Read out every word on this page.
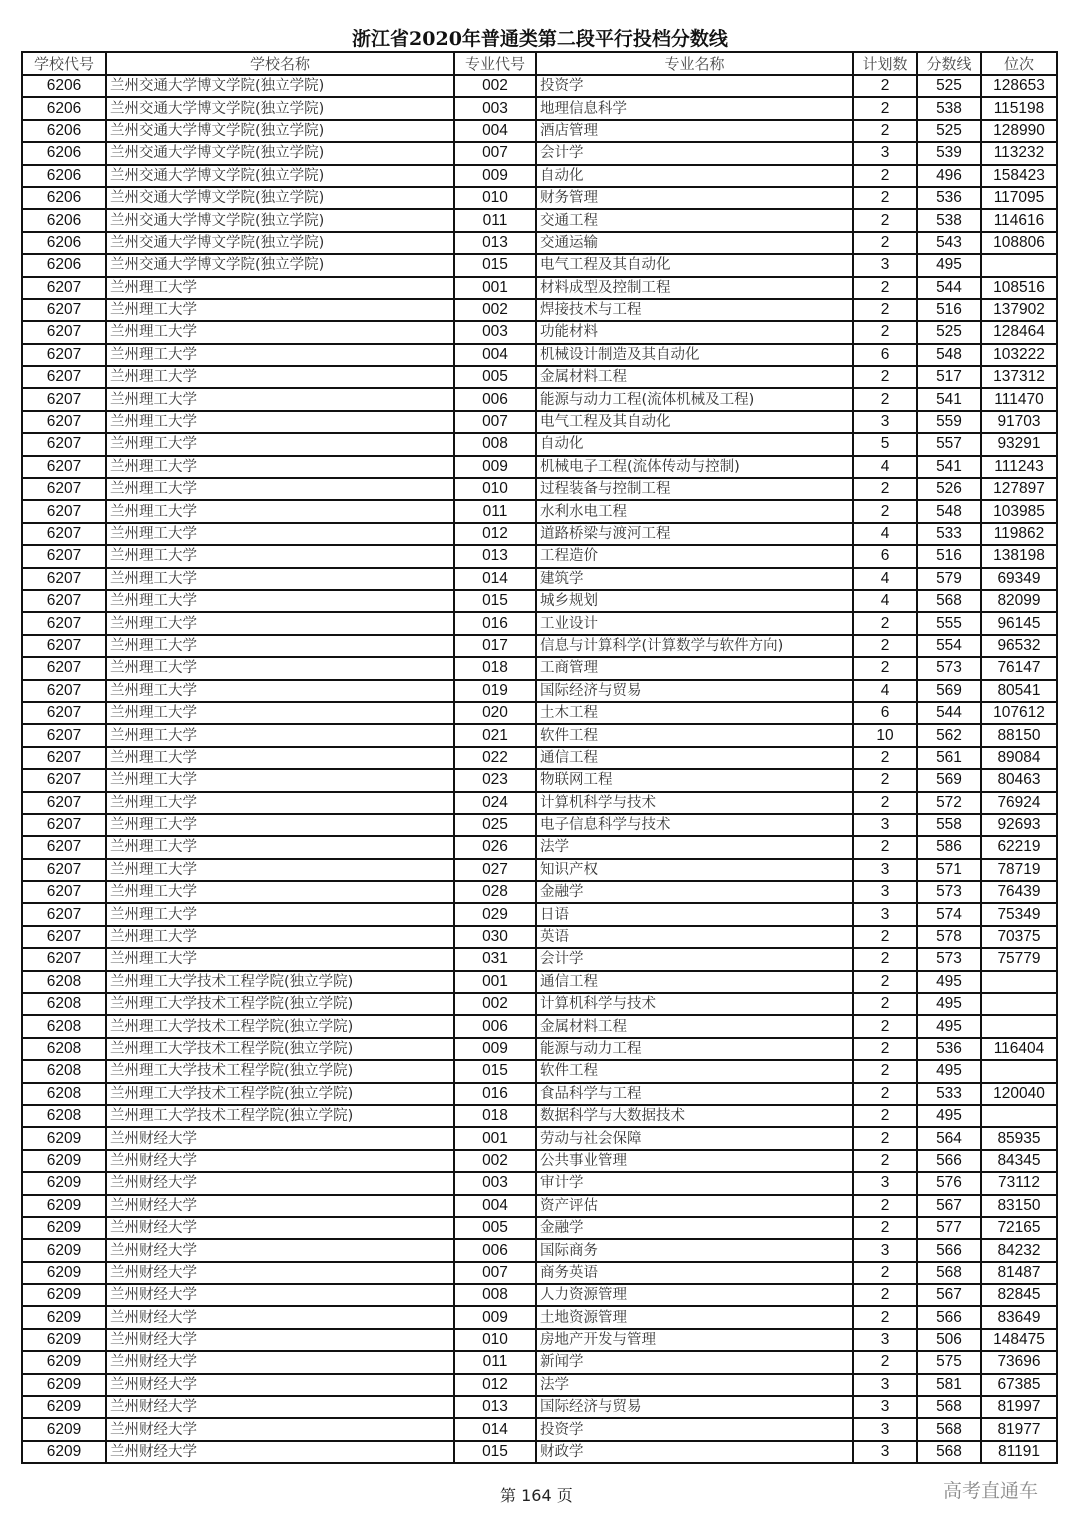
浙江省2020年普通类第二段平行投档分数线
学校代号	学校名称	专业代号	专业名称	计划数	分数线	位次
6206	兰州交通大学博文学院(独立学院)	002	投资学	2	525	128653
6206	兰州交通大学博文学院(独立学院)	003	地理信息科学	2	538	115198
6206	兰州交通大学博文学院(独立学院)	004	酒店管理	2	525	128990
6206	兰州交通大学博文学院(独立学院)	007	会计学	3	539	113232
6206	兰州交通大学博文学院(独立学院)	009	自动化	2	496	158423
6206	兰州交通大学博文学院(独立学院)	010	财务管理	2	536	117095
6206	兰州交通大学博文学院(独立学院)	011	交通工程	2	538	114616
6206	兰州交通大学博文学院(独立学院)	013	交通运输	2	543	108806
6206	兰州交通大学博文学院(独立学院)	015	电气工程及其自动化	3	495	
6207	兰州理工大学	001	材料成型及控制工程	2	544	108516
6207	兰州理工大学	002	焊接技术与工程	2	516	137902
6207	兰州理工大学	003	功能材料	2	525	128464
6207	兰州理工大学	004	机械设计制造及其自动化	6	548	103222
6207	兰州理工大学	005	金属材料工程	2	517	137312
6207	兰州理工大学	006	能源与动力工程(流体机械及工程)	2	541	111470
6207	兰州理工大学	007	电气工程及其自动化	3	559	91703
6207	兰州理工大学	008	自动化	5	557	93291
6207	兰州理工大学	009	机械电子工程(流体传动与控制)	4	541	111243
6207	兰州理工大学	010	过程装备与控制工程	2	526	127897
6207	兰州理工大学	011	水利水电工程	2	548	103985
6207	兰州理工大学	012	道路桥梁与渡河工程	4	533	119862
6207	兰州理工大学	013	工程造价	6	516	138198
6207	兰州理工大学	014	建筑学	4	579	69349
6207	兰州理工大学	015	城乡规划	4	568	82099
6207	兰州理工大学	016	工业设计	2	555	96145
6207	兰州理工大学	017	信息与计算科学(计算数学与软件方向)	2	554	96532
6207	兰州理工大学	018	工商管理	2	573	76147
6207	兰州理工大学	019	国际经济与贸易	4	569	80541
6207	兰州理工大学	020	土木工程	6	544	107612
6207	兰州理工大学	021	软件工程	10	562	88150
6207	兰州理工大学	022	通信工程	2	561	89084
6207	兰州理工大学	023	物联网工程	2	569	80463
6207	兰州理工大学	024	计算机科学与技术	2	572	76924
6207	兰州理工大学	025	电子信息科学与技术	3	558	92693
6207	兰州理工大学	026	法学	2	586	62219
6207	兰州理工大学	027	知识产权	3	571	78719
6207	兰州理工大学	028	金融学	3	573	76439
6207	兰州理工大学	029	日语	3	574	75349
6207	兰州理工大学	030	英语	2	578	70375
6207	兰州理工大学	031	会计学	2	573	75779
6208	兰州理工大学技术工程学院(独立学院)	001	通信工程	2	495	
6208	兰州理工大学技术工程学院(独立学院)	002	计算机科学与技术	2	495	
6208	兰州理工大学技术工程学院(独立学院)	006	金属材料工程	2	495	
6208	兰州理工大学技术工程学院(独立学院)	009	能源与动力工程	2	536	116404
6208	兰州理工大学技术工程学院(独立学院)	015	软件工程	2	495	
6208	兰州理工大学技术工程学院(独立学院)	016	食品科学与工程	2	533	120040
6208	兰州理工大学技术工程学院(独立学院)	018	数据科学与大数据技术	2	495	
6209	兰州财经大学	001	劳动与社会保障	2	564	85935
6209	兰州财经大学	002	公共事业管理	2	566	84345
6209	兰州财经大学	003	审计学	3	576	73112
6209	兰州财经大学	004	资产评估	2	567	83150
6209	兰州财经大学	005	金融学	2	577	72165
6209	兰州财经大学	006	国际商务	3	566	84232
6209	兰州财经大学	007	商务英语	2	568	81487
6209	兰州财经大学	008	人力资源管理	2	567	82845
6209	兰州财经大学	009	土地资源管理	2	566	83649
6209	兰州财经大学	010	房地产开发与管理	3	506	148475
6209	兰州财经大学	011	新闻学	2	575	73696
6209	兰州财经大学	012	法学	3	581	67385
6209	兰州财经大学	013	国际经济与贸易	3	568	81997
6209	兰州财经大学	014	投资学	3	568	81977
6209	兰州财经大学	015	财政学	3	568	81191
第 164 页	高考直通车
